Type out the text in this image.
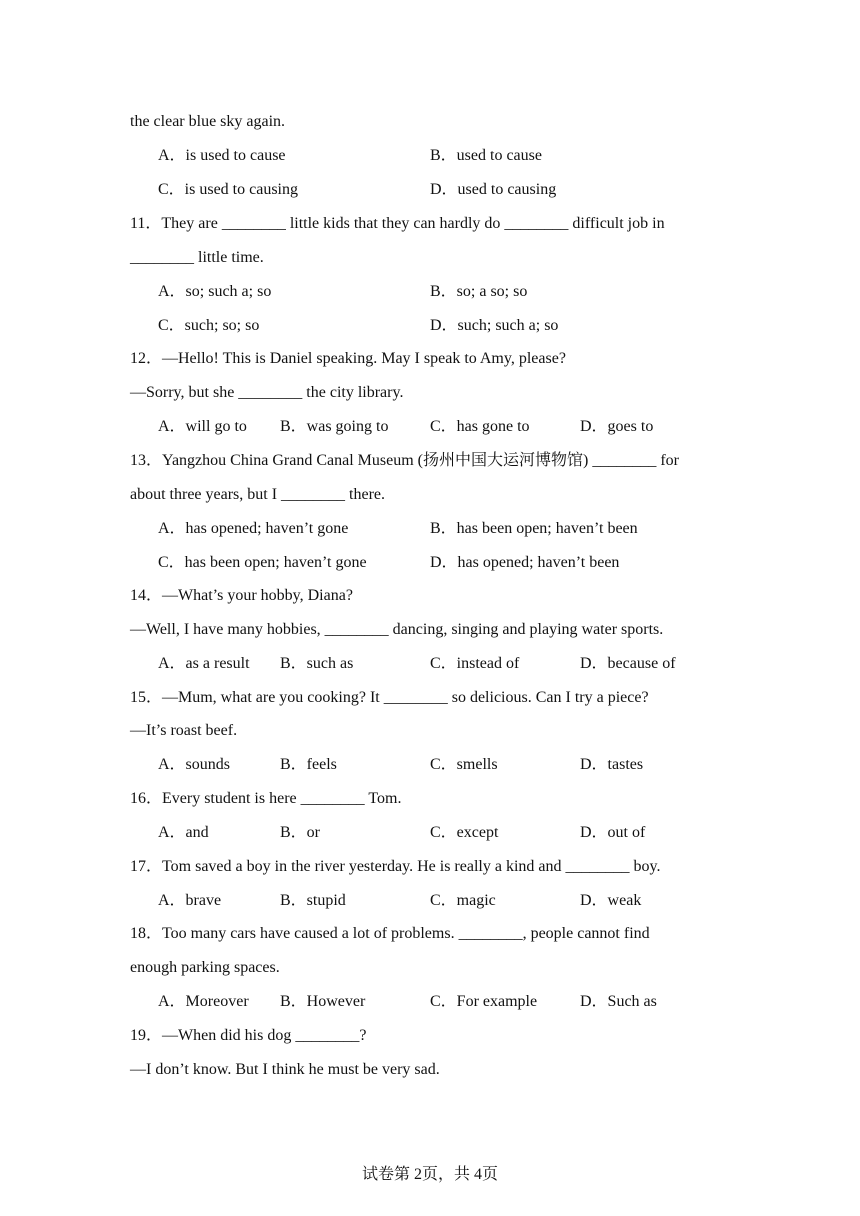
the clear blue sky again.
A．is used to cause	B．used to cause
C．is used to causing	D．used to causing
11．They are ________ little kids that they can hardly do ________ difficult job in
________ little time.
A．so; such a; so	B．so; a so; so
C．such; so; so	D．such; such a; so
12．—Hello! This is Daniel speaking. May I speak to Amy, please?
—Sorry, but she ________ the city library.
A．will go to B．was going to	C．has gone to	D．goes to
13．Yangzhou China Grand Canal Museum (扬州中国大运河博物馆) ________ for
about three years, but I ________ there.
A．has opened; haven’t gone	B．has been open; haven’t been
C．has been open; haven’t gone	D．has opened; haven’t been
14．—What’s your hobby, Diana?
—Well, I have many hobbies, ________ dancing, singing and playing water sports.
A．as a result B．such as	C．instead of	D．because of
15．—Mum, what are you cooking? It ________ so delicious. Can I try a piece?
—It’s roast beef.
A．sounds	B．feels	C．smells	D．tastes
16．Every student is here ________ Tom.
A．and	B．or	C．except	D．out of
17．Tom saved a boy in the river yesterday. He is really a kind and ________ boy.
A．brave	B．stupid	C．magic	D．weak
18．Too many cars have caused a lot of problems. ________, people cannot find
enough parking spaces.
A．Moreover B．However	C．For example	D．Such as
19．—When did his dog ________?
—I don’t know. But I think he must be very sad.
试卷第 2页，共 4页
